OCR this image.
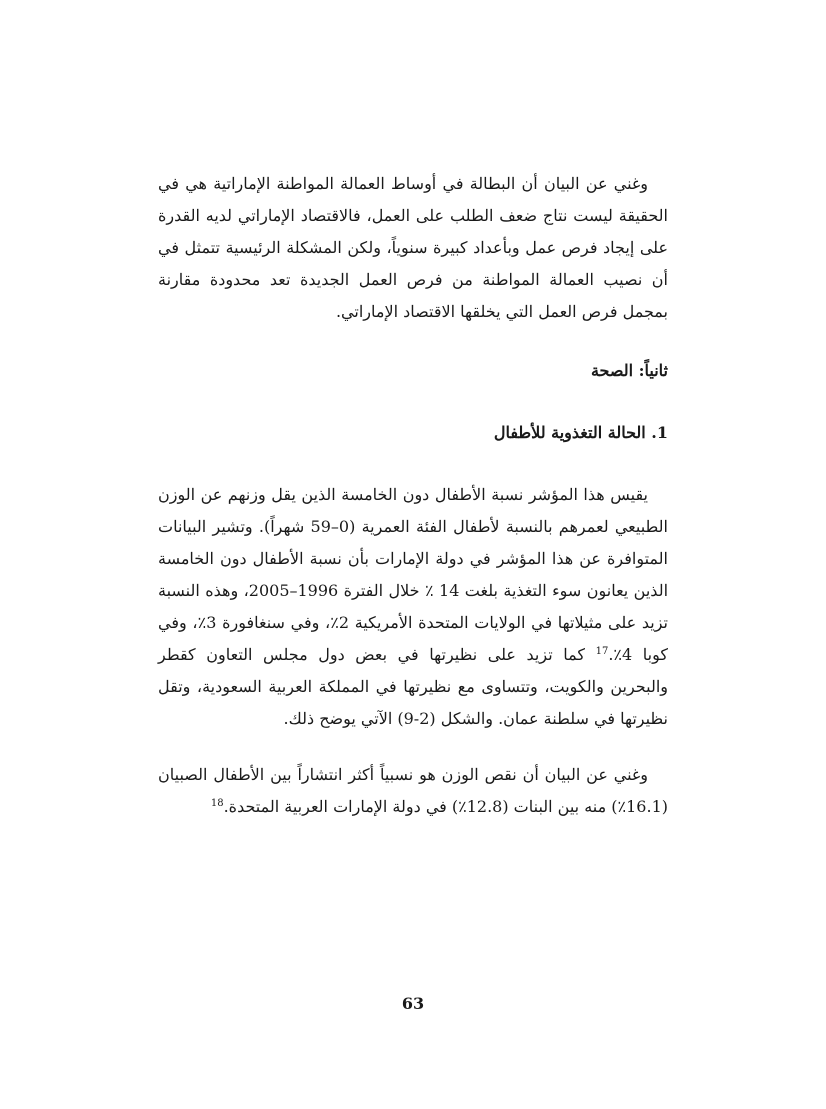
وغني عن البيان أن البطالة في أوساط العمالة المواطنة الإماراتية هي في الحقيقة ليست نتاج ضعف الطلب على العمل، فالاقتصاد الإماراتي لديه القدرة على إيجاد فرص عمل وبأعداد كبيرة سنوياً، ولكن المشكلة الرئيسية تتمثل في أن نصيب العمالة المواطنة من فرص العمل الجديدة تعد محدودة مقارنة بمجمل فرص العمل التي يخلقها الاقتصاد الإماراتي.

ثانياً: الصحة
1. الحالة التغذوية للأطفال

يقيس هذا المؤشر نسبة الأطفال دون الخامسة الذين يقل وزنهم عن الوزن الطبيعي لعمرهم بالنسبة لأطفال الفئة العمرية (0–59 شهراً). وتشير البيانات المتوافرة عن هذا المؤشر في دولة الإمارات بأن نسبة الأطفال دون الخامسة الذين يعانون سوء التغذية بلغت 14 ٪ خلال الفترة 1996–2005، وهذه النسبة تزيد على مثيلاتها في الولايات المتحدة الأمريكية 2٪، وفي سنغافورة 3٪، وفي كوبا 4٪.$^{17}$ كما تزيد على نظيرتها في بعض دول مجلس التعاون كقطر والبحرين والكويت، وتتساوى مع نظيرتها في المملكة العربية السعودية، وتقل نظيرتها في سلطنة عمان. والشكل (2-9) الآتي يوضح ذلك.

وغني عن البيان أن نقص الوزن هو نسبياً أكثر انتشاراً بين الأطفال الصبيان (16.1٪) منه بين البنات (12.8٪) في دولة الإمارات العربية المتحدة.$^{18}$

63
